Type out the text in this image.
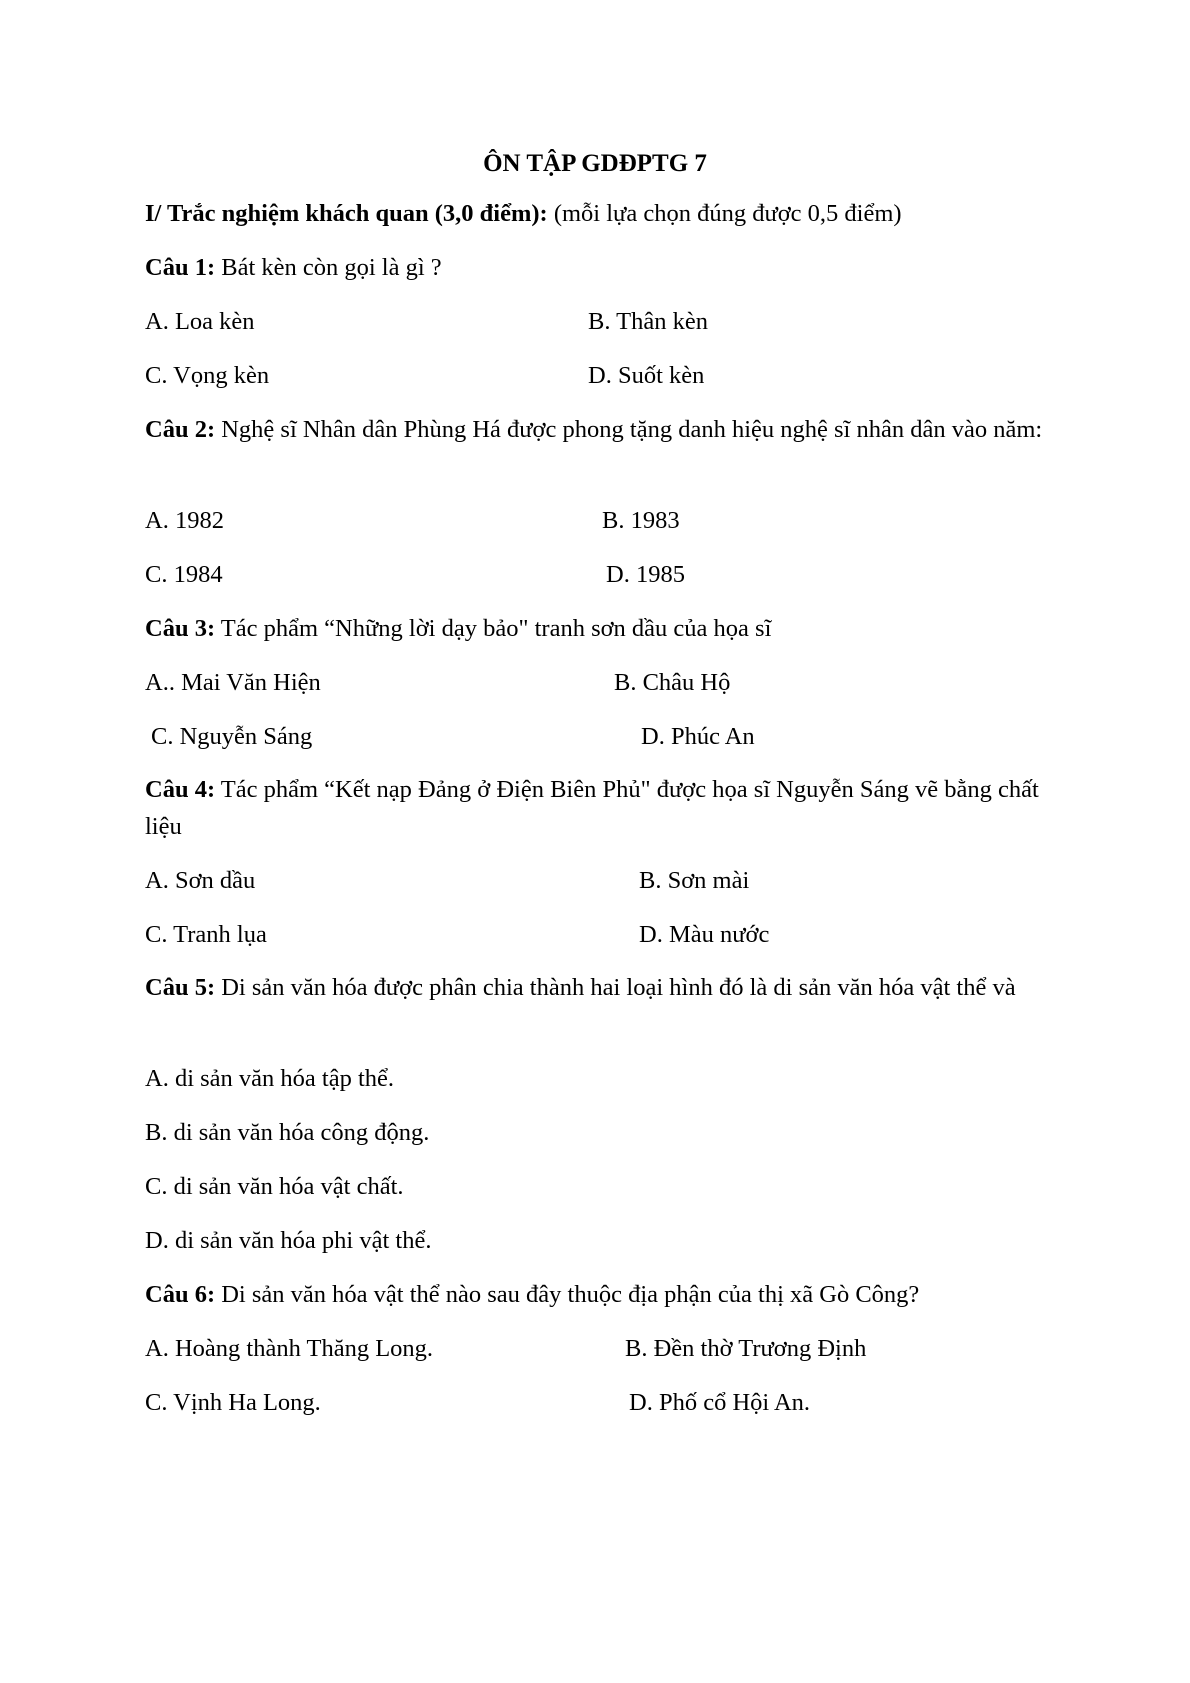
ÔN TẬP GDĐPTG 7
I/ Trắc nghiệm khách quan (3,0 điểm): (mỗi lựa chọn đúng được 0,5 điểm)
Câu 1: Bát kèn còn gọi là gì ?
A. Loa kèn	B. Thân kèn
C. Vọng kèn	D. Suốt kèn
Câu 2: Nghệ sĩ Nhân dân Phùng Há được phong tặng danh hiệu nghệ sĩ nhân dân vào năm:
A. 1982	B. 1983
C. 1984	D. 1985
Câu 3: Tác phẩm “Những lời dạy bảo" tranh sơn dầu của họa sĩ
A.. Mai Văn Hiện	B. Châu Hộ
C. Nguyễn Sáng	D. Phúc An
Câu 4: Tác phẩm “Kết nạp Đảng ở Điện Biên Phủ" được họa sĩ Nguyễn Sáng vẽ bằng chất liệu
A. Sơn dầu	B. Sơn mài
C. Tranh lụa	D. Màu nước
Câu 5: Di sản văn hóa được phân chia thành hai loại hình đó là di sản văn hóa vật thể và
A. di sản văn hóa tập thể.
B. di sản văn hóa công động.
C. di sản văn hóa vật chất.
D. di sản văn hóa phi vật thể.
Câu 6: Di sản văn hóa vật thể nào sau đây thuộc địa phận của thị xã Gò Công?
A. Hoàng thành Thăng Long.	B. Đền thờ Trương Định
C. Vịnh Ha Long.	D. Phố cổ Hội An.
